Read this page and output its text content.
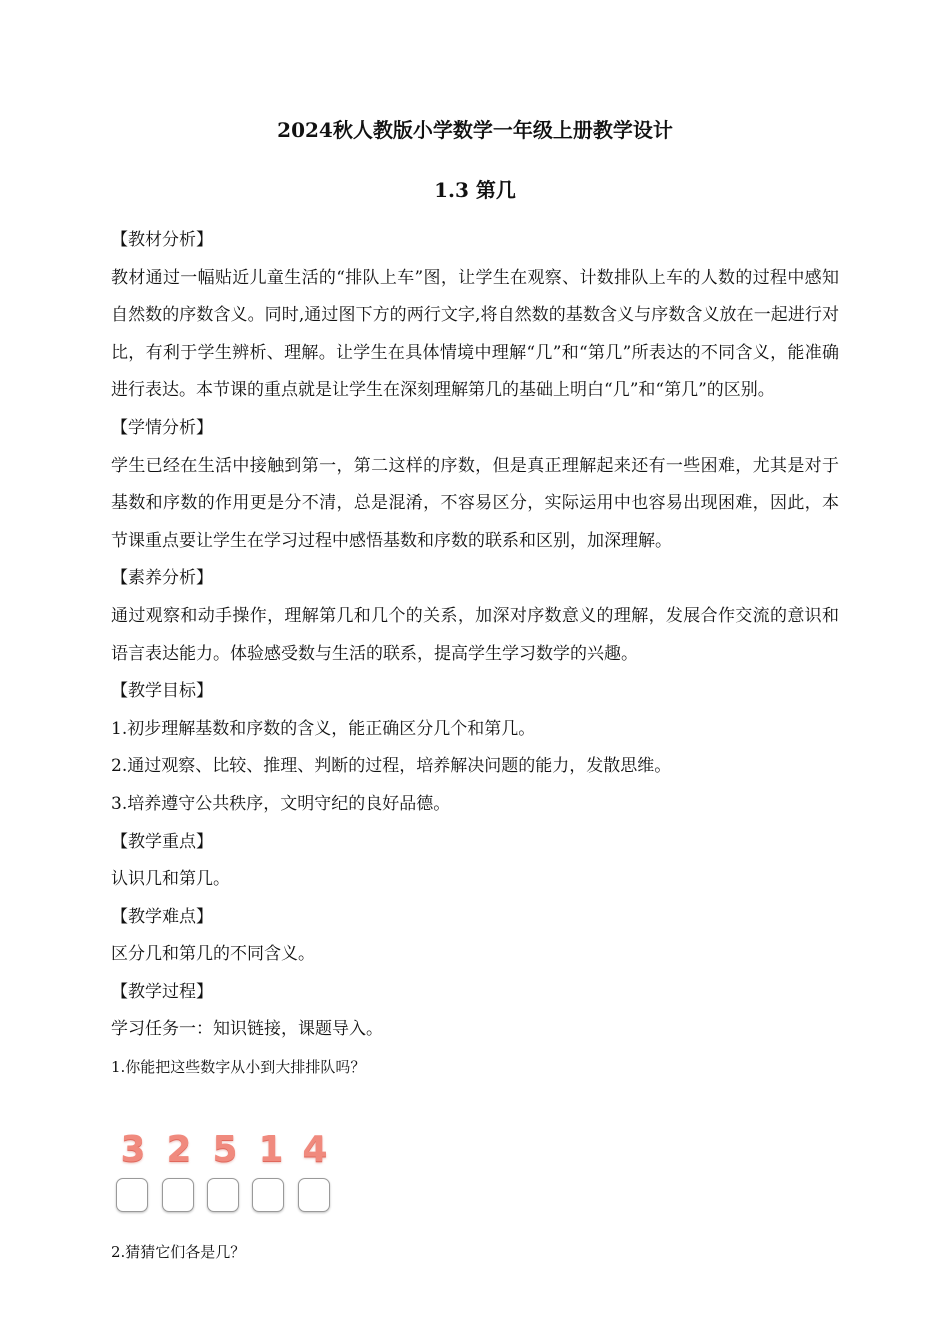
2024秋人教版小学数学一年级上册教学设计
1.3 第几

【教材分析】

教材通过一幅贴近儿童生活的“排队上车”图，让学生在观察、计数排队上车的人数的过程中感知自然数的序数含义。同时,通过图下方的两行文字,将自然数的基数含义与序数含义放在一起进行对比，有利于学生辨析、理解。让学生在具体情境中理解“几”和“第几”所表达的不同含义，能准确进行表达。本节课的重点就是让学生在深刻理解第几的基础上明白“几”和“第几”的区别。

【学情分析】

学生已经在生活中接触到第一，第二这样的序数，但是真正理解起来还有一些困难，尤其是对于基数和序数的作用更是分不清，总是混淆，不容易区分，实际运用中也容易出现困难，因此，本节课重点要让学生在学习过程中感悟基数和序数的联系和区别，加深理解。

【素养分析】

通过观察和动手操作，理解第几和几个的关系，加深对序数意义的理解，发展合作交流的意识和语言表达能力。体验感受数与生活的联系，提高学生学习数学的兴趣。

【教学目标】

1.初步理解基数和序数的含义，能正确区分几个和第几。

2.通过观察、比较、推理、判断的过程，培养解决问题的能力，发散思维。

3.培养遵守公共秩序，文明守纪的良好品德。

【教学重点】

认识几和第几。

【教学难点】

区分几和第几的不同含义。

【教学过程】

学习任务一：知识链接，课题导入。

1.你能把这些数字从小到大排排队吗？

3 2 5 1 4
2.猜猜它们各是几？
